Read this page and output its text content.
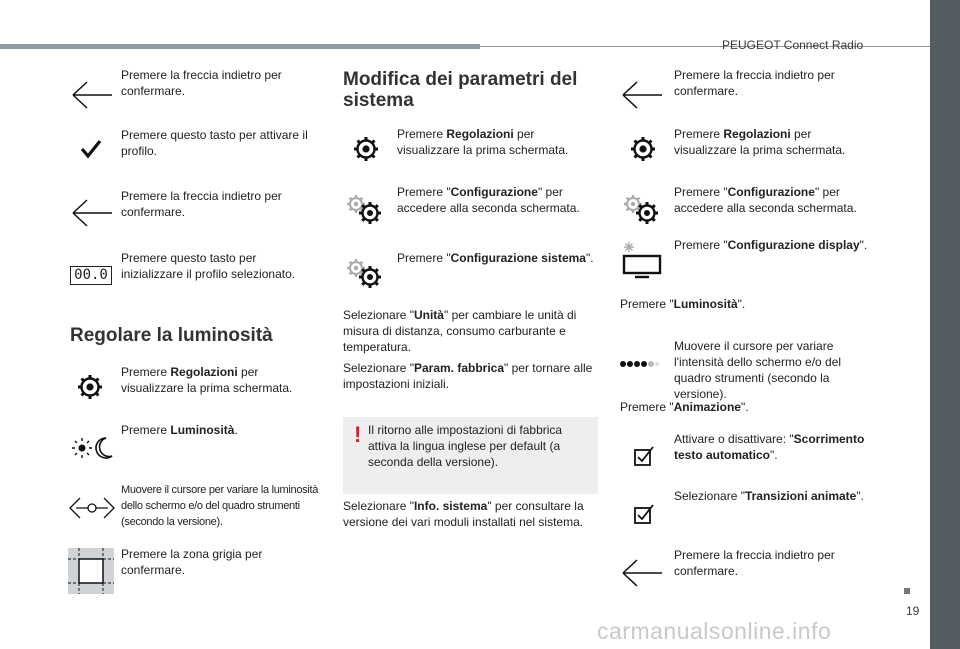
PEUGEOT Connect Radio
19
carmanualsonline.info
Premere la freccia indietro per confermare.
Premere questo tasto per attivare il profilo.
Premere la freccia indietro per confermare.
00.0
Premere questo tasto per inizializzare il profilo selezionato.
Regolare la luminosità
Premere Regolazioni per visualizzare la prima schermata.
Premere Luminosità.
Muovere il cursore per variare la luminosità dello schermo e/o del quadro strumenti (secondo la versione).
Premere la zona grigia per confermare.
Modifica dei parametri del sistema
Premere Regolazioni per visualizzare la prima schermata.
Premere "Configurazione" per accedere alla seconda schermata.
Premere "Configurazione sistema".
Selezionare "Unità" per cambiare le unità di misura di distanza, consumo carburante e temperatura.
Selezionare "Param. fabbrica" per tornare alle impostazioni iniziali.
! Il ritorno alle impostazioni di fabbrica attiva la lingua inglese per default (a seconda della versione).
Selezionare "Info. sistema" per consultare la versione dei vari moduli installati nel sistema.
Premere la freccia indietro per confermare.
Premere Regolazioni per visualizzare la prima schermata.
Premere "Configurazione" per accedere alla seconda schermata.
Premere "Configurazione display".
Premere "Luminosità".
Muovere il cursore per variare l'intensità dello schermo e/o del quadro strumenti (secondo la versione).
Premere "Animazione".
Attivare o disattivare: "Scorrimento testo automatico".
Selezionare "Transizioni animate".
Premere la freccia indietro per confermare.
